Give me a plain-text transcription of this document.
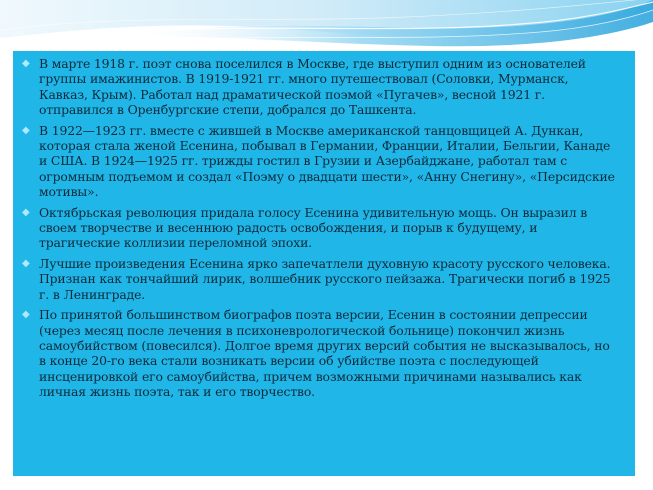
◆ В марте 1918 г. поэт снова поселился в Москве, где выступил одним из основателей группы имажинистов. В 1919-1921 гг. много путешествовал (Соловки, Мурманск, Кавказ, Крым). Работал над драматической поэмой «Пугачев», весной 1921 г. отправился в Оренбургские степи, добрался до Ташкента.
◆ В 1922—1923 гг. вместе с жившей в Москве американской танцовщицей А. Дункан, которая стала женой Есенина, побывал в Германии, Франции, Италии, Бельгии, Канаде и США. В 1924—1925 гг. трижды гостил в Грузии и Азербайджане, работал там с огромным подъемом и создал «Поэму о двадцати шести», «Анну Снегину», «Персидские мотивы».
◆ Октябрьская революция придала голосу Есенина удивительную мощь. Он выразил в своем творчестве и весеннюю радость освобождения, и порыв к будущему, и трагические коллизии переломной эпохи.
◆ Лучшие произведения Есенина ярко запечатлели духовную красоту русского человека. Признан как тончайший лирик, волшебник русского пейзажа. Трагически погиб в 1925 г. в Ленинграде.
◆ По принятой большинством биографов поэта версии, Есенин в состоянии депрессии (через месяц после лечения в психоневрологической больнице) покончил жизнь самоубийством (повесился). Долгое время других версий события не высказывалось, но в конце 20-го века стали возникать версии об убийстве поэта с последующей инсценировкой его самоубийства, причем возможными причинами назывались как личная жизнь поэта, так и его творчество.
